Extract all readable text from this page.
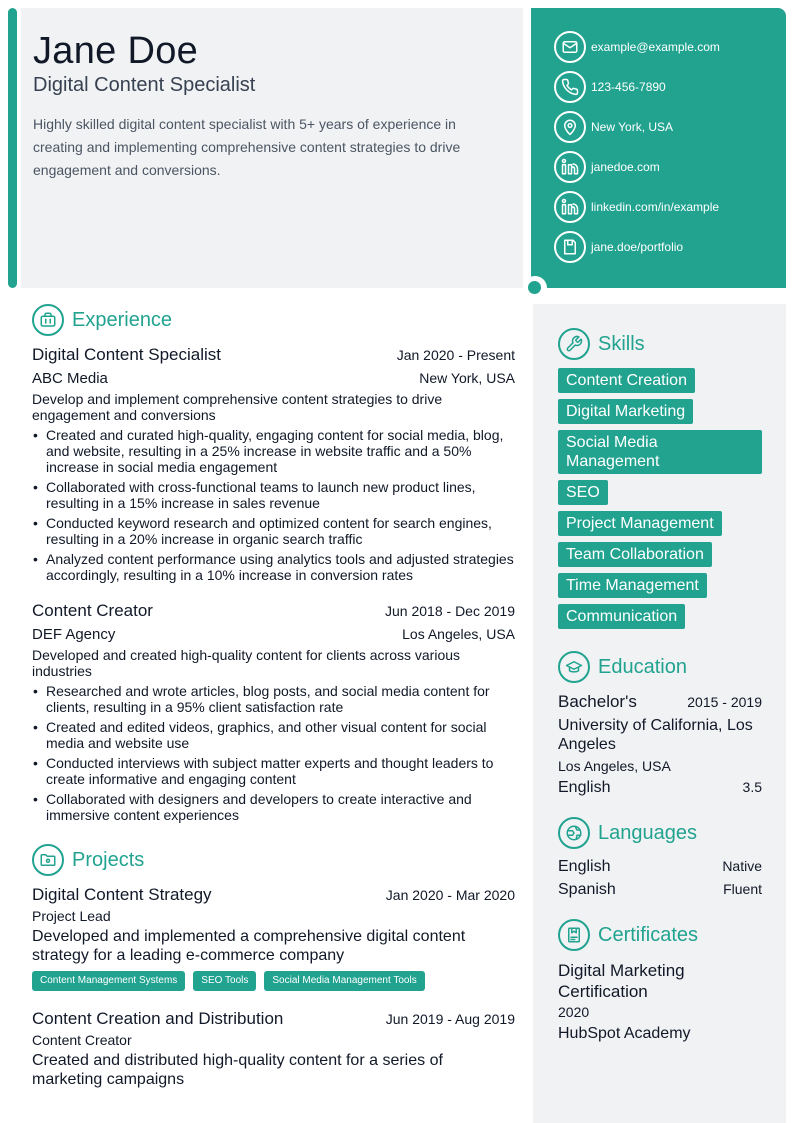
Jane Doe
Digital Content Specialist

Highly skilled digital content specialist with 5+ years of experience in creating and implementing comprehensive content strategies to drive engagement and conversions.

example@example.com
123-456-7890
New York, USA
janedoe.com
linkedin.com/in/example
jane.doe/portfolio
Experience
Digital Content Specialist	Jan 2020 - Present
ABC Media	New York, USA
Develop and implement comprehensive content strategies to drive engagement and conversions
• Created and curated high-quality, engaging content for social media, blog, and website, resulting in a 25% increase in website traffic and a 50% increase in social media engagement
• Collaborated with cross-functional teams to launch new product lines, resulting in a 15% increase in sales revenue
• Conducted keyword research and optimized content for search engines, resulting in a 20% increase in organic search traffic
• Analyzed content performance using analytics tools and adjusted strategies accordingly, resulting in a 10% increase in conversion rates
Content Creator	Jun 2018 - Dec 2019
DEF Agency	Los Angeles, USA
Developed and created high-quality content for clients across various industries
• Researched and wrote articles, blog posts, and social media content for clients, resulting in a 95% client satisfaction rate
• Created and edited videos, graphics, and other visual content for social media and website use
• Conducted interviews with subject matter experts and thought leaders to create informative and engaging content
• Collaborated with designers and developers to create interactive and immersive content experiences
Projects
Digital Content Strategy	Jan 2020 - Mar 2020
Project Lead
Developed and implemented a comprehensive digital content strategy for a leading e-commerce company
Content Management Systems	SEO Tools	Social Media Management Tools
Content Creation and Distribution	Jun 2019 - Aug 2019
Content Creator
Created and distributed high-quality content for a series of marketing campaigns
Skills
Content Creation
Digital Marketing
Social Media Management
SEO
Project Management
Team Collaboration
Time Management
Communication
Education
Bachelor's	2015 - 2019
University of California, Los Angeles
Los Angeles, USA
English	3.5
Languages
English	Native
Spanish	Fluent
Certificates
Digital Marketing Certification
2020
HubSpot Academy
